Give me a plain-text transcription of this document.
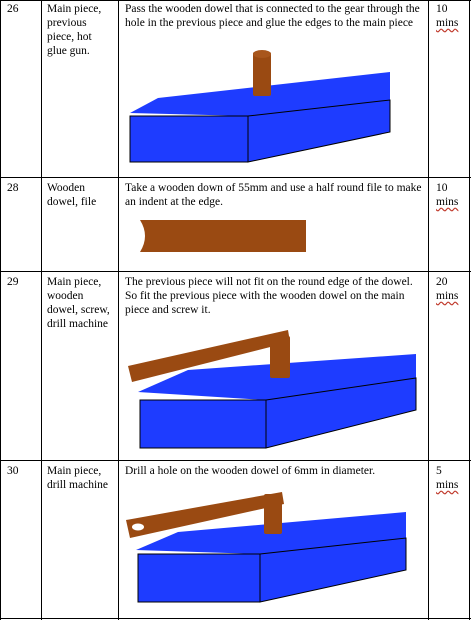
26 Main piece,
previous
piece, hot
glue gun.
Pass the wooden dowel that is connected to the gear through the hole in the previous piece and glue the edges to the main piece
10
mins
28 Wooden
dowel, file
Take a wooden down of 55mm and use a half round file to make an indent at the edge.
10
mins
29 Main piece,
wooden
dowel, screw,
drill machine
The previous piece will not fit on the round edge of the dowel. So fit the previous piece with the wooden dowel on the main piece and screw it.
20
mins
30 Main piece,
drill machine
Drill a hole on the wooden dowel of 6mm in diameter.	5
mins
